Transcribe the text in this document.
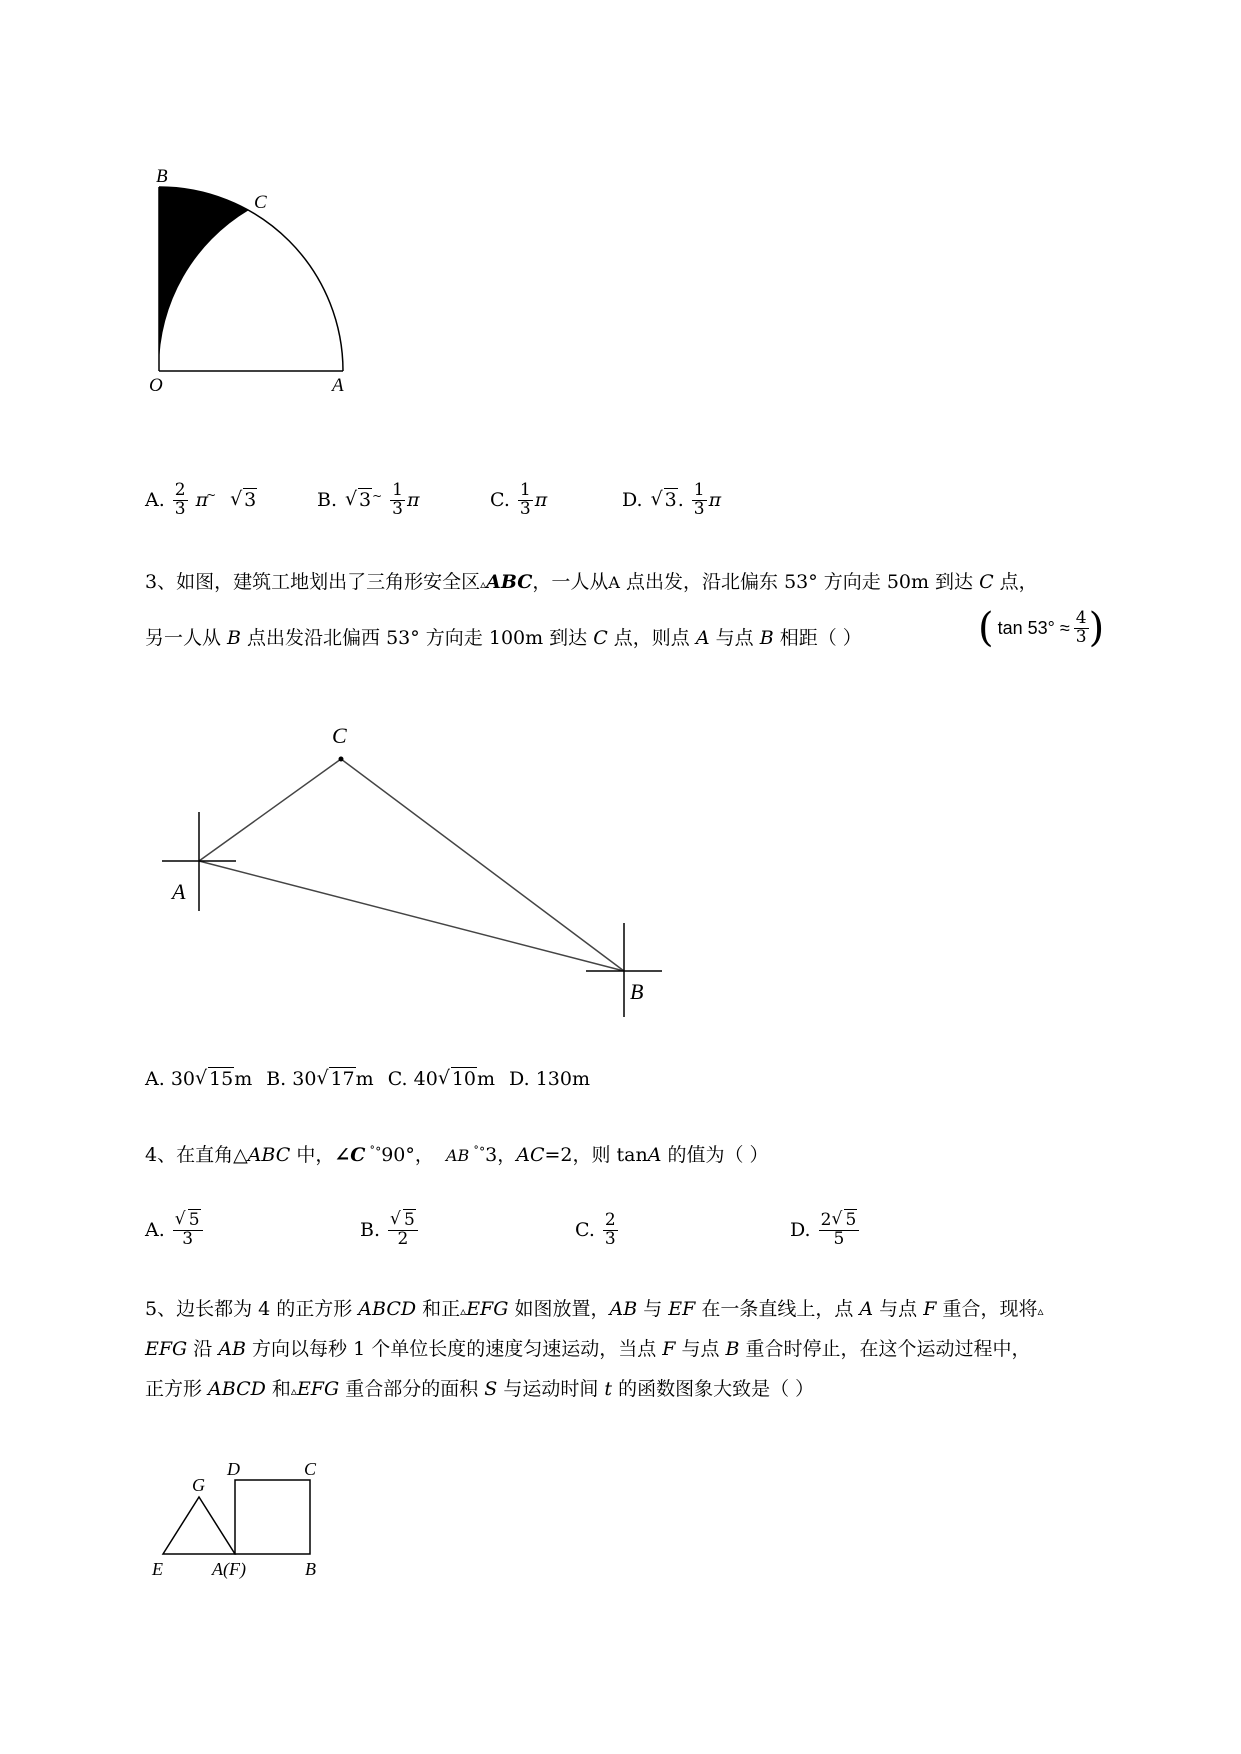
B
C
O	A
A. $\frac{2}{3}$ π
~	√ 3	B.	√ 3 ~ $\frac{1}{3}$ π	C. $\frac{1}{3}$ π	D.	√ 3 . $\frac{1}{3}$ π
3、如图，建筑工地划出了三角形安全区▵ABC，一人从A 点出发，沿北偏东 53° 方向走 50m 到达 C 点，
另一人从 B 点出发沿北偏西 53° 方向走 100m 到达 C 点，则点 A 与点 B 相距（ ）	( $\tan 53^\circ \approx \frac{4}{3}$ )
C
A
B
A. 30 √ 15m B. 30 √ 17m C. 40 √ 10m D. 130m
4、在直角△ABC 中，∠C ˚°90°， AB ˚°3，AC=2，则 tanA 的值为（ ）
A. √ $\frac{5}{3}$	B. √ $\frac{5}{2}$	C. $\frac{2}{3}$	D. $\frac{2 √ 5}{5}$
5、边长都为 4 的正方形 ABCD 和正▵EFG 如图放置，AB 与 EF 在一条直线上，点 A 与点 F 重合，现将▵
EFG 沿 AB 方向以每秒 1 个单位长度的速度匀速运动，当点 F 与点 B 重合时停止，在这个运动过程中，
正方形 ABCD 和▵EFG 重合部分的面积 S 与运动时间 t 的函数图象大致是（ ）
G
D	C
E	A(F)	B
